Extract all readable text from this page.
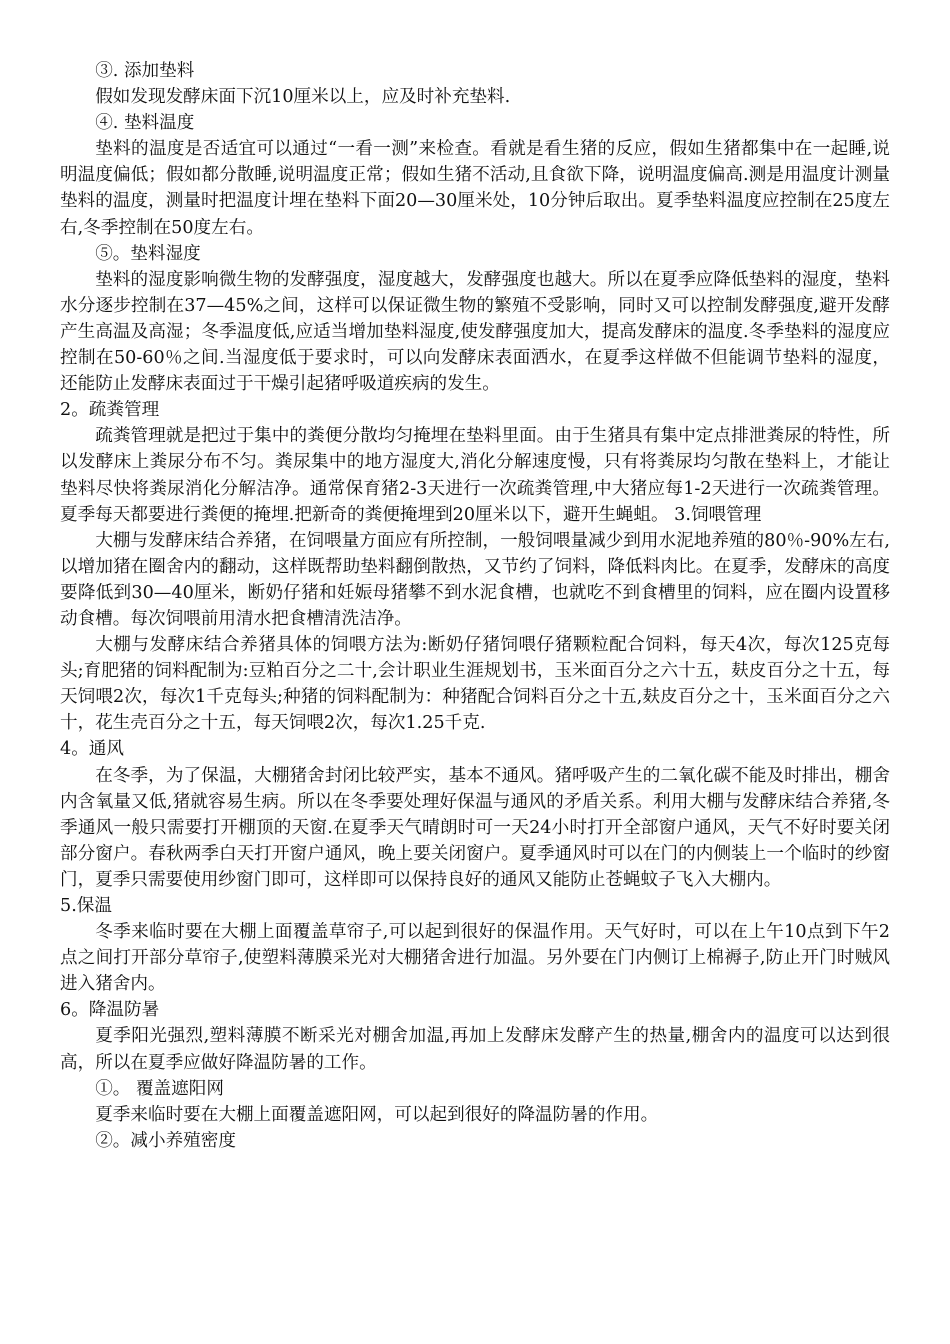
③. 添加垫料

假如发现发酵床面下沉10厘米以上，应及时补充垫料.

④. 垫料温度

垫料的温度是否适宜可以通过“一看一测”来检查。看就是看生猪的反应，假如生猪都集中在一起睡,说明温度偏低；假如都分散睡,说明温度正常；假如生猪不活动,且食欲下降，说明温度偏高.测是用温度计测量垫料的温度，测量时把温度计埋在垫料下面20—30厘米处，10分钟后取出。夏季垫料温度应控制在25度左右,冬季控制在50度左右。

⑤。垫料湿度

垫料的湿度影响微生物的发酵强度，湿度越大，发酵强度也越大。所以在夏季应降低垫料的湿度，垫料水分逐步控制在37—45%之间，这样可以保证微生物的繁殖不受影响，同时又可以控制发酵强度,避开发酵产生高温及高湿；冬季温度低,应适当增加垫料湿度,使发酵强度加大，提高发酵床的温度.冬季垫料的湿度应控制在50-60％之间.当湿度低于要求时，可以向发酵床表面洒水，在夏季这样做不但能调节垫料的湿度，还能防止发酵床表面过于干燥引起猪呼吸道疾病的发生。

2。疏粪管理

疏粪管理就是把过于集中的粪便分散均匀掩埋在垫料里面。由于生猪具有集中定点排泄粪尿的特性，所以发酵床上粪尿分布不匀。粪尿集中的地方湿度大,消化分解速度慢，只有将粪尿均匀散在垫料上，才能让垫料尽快将粪尿消化分解洁净。通常保育猪2-3天进行一次疏粪管理,中大猪应每1-2天进行一次疏粪管理。夏季每天都要进行粪便的掩埋.把新奇的粪便掩埋到20厘米以下，避开生蝇蛆。 3.饲喂管理

大棚与发酵床结合养猪，在饲喂量方面应有所控制，一般饲喂量减少到用水泥地养殖的80％-90%左右,以增加猪在圈舍内的翻动，这样既帮助垫料翻倒散热，又节约了饲料，降低料肉比。在夏季，发酵床的高度要降低到30—40厘米，断奶仔猪和妊娠母猪攀不到水泥食槽，也就吃不到食槽里的饲料，应在圈内设置移动食槽。每次饲喂前用清水把食槽清洗洁净。

大棚与发酵床结合养猪具体的饲喂方法为:断奶仔猪饲喂仔猪颗粒配合饲料，每天4次，每次125克每头;育肥猪的饲料配制为:豆粕百分之二十,会计职业生涯规划书，玉米面百分之六十五，麸皮百分之十五，每天饲喂2次，每次1千克每头;种猪的饲料配制为：种猪配合饲料百分之十五,麸皮百分之十，玉米面百分之六十，花生壳百分之十五，每天饲喂2次，每次1.25千克.

4。通风

在冬季，为了保温，大棚猪舍封闭比较严实，基本不通风。猪呼吸产生的二氧化碳不能及时排出，棚舍内含氧量又低,猪就容易生病。所以在冬季要处理好保温与通风的矛盾关系。利用大棚与发酵床结合养猪,冬季通风一般只需要打开棚顶的天窗.在夏季天气晴朗时可一天24小时打开全部窗户通风，天气不好时要关闭部分窗户。春秋两季白天打开窗户通风，晚上要关闭窗户。夏季通风时可以在门的内侧装上一个临时的纱窗门，夏季只需要使用纱窗门即可，这样即可以保持良好的通风又能防止苍蝇蚊子飞入大棚内。

5.保温

冬季来临时要在大棚上面覆盖草帘子,可以起到很好的保温作用。天气好时，可以在上午10点到下午2点之间打开部分草帘子,使塑料薄膜采光对大棚猪舍进行加温。另外要在门内侧订上棉褥子,防止开门时贼风进入猪舍内。

6。降温防暑

夏季阳光强烈,塑料薄膜不断采光对棚舍加温,再加上发酵床发酵产生的热量,棚舍内的温度可以达到很高，所以在夏季应做好降温防暑的工作。

①。 覆盖遮阳网

夏季来临时要在大棚上面覆盖遮阳网，可以起到很好的降温防暑的作用。

②。减小养殖密度
